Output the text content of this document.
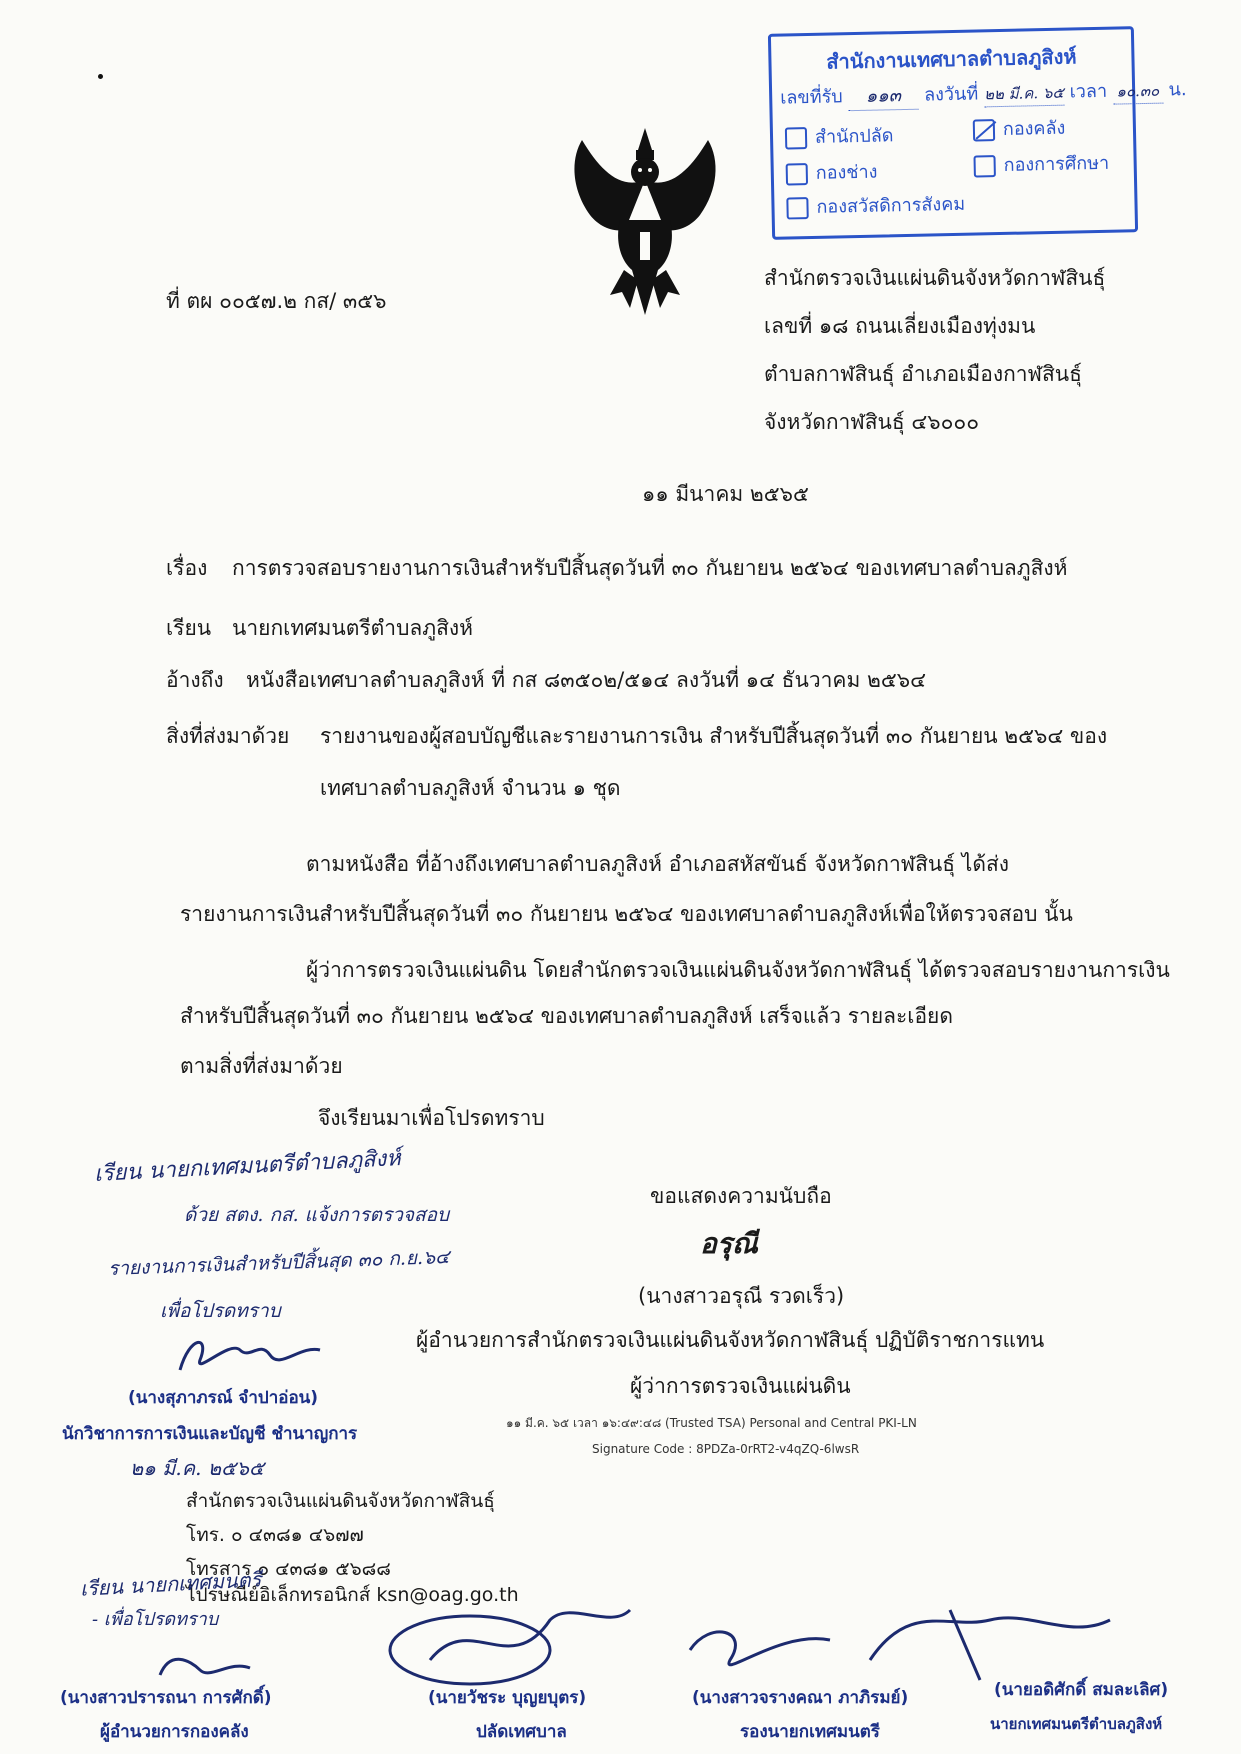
สำนักงานเทศบาลตำบลภูสิงห์
เลขที่รับ ๑๑๓ ลงวันที่ ๒๒ มี.ค. ๖๕ เวลา ๑๐.๓๐ น.
สำนักปลัด	กองคลัง
กองช่าง	กองการศึกษา
กองสวัสดิการสังคม
ที่ ตผ ๐๐๕๗.๒ กส/ ๓๕๖
สำนักตรวจเงินแผ่นดินจังหวัดกาฬสินธุ์
เลขที่ ๑๘ ถนนเลี่ยงเมืองทุ่งมน
ตำบลกาฬสินธุ์ อำเภอเมืองกาฬสินธุ์
จังหวัดกาฬสินธุ์ ๔๖๐๐๐
๑๑ มีนาคม ๒๕๖๕
เรื่อง การตรวจสอบรายงานการเงินสำหรับปีสิ้นสุดวันที่ ๓๐ กันยายน ๒๕๖๔ ของเทศบาลตำบลภูสิงห์
เรียน นายกเทศมนตรีตำบลภูสิงห์
อ้างถึง หนังสือเทศบาลตำบลภูสิงห์ ที่ กส ๘๓๕๐๒/๕๑๔ ลงวันที่ ๑๔ ธันวาคม ๒๕๖๔
สิ่งที่ส่งมาด้วย รายงานของผู้สอบบัญชีและรายงานการเงิน สำหรับปีสิ้นสุดวันที่ ๓๐ กันยายน ๒๕๖๔ ของ
เทศบาลตำบลภูสิงห์ จำนวน ๑ ชุด
ตามหนังสือ ที่อ้างถึงเทศบาลตำบลภูสิงห์ อำเภอสหัสขันธ์ จังหวัดกาฬสินธุ์ ได้ส่ง
รายงานการเงินสำหรับปีสิ้นสุดวันที่ ๓๐ กันยายน ๒๕๖๔ ของเทศบาลตำบลภูสิงห์เพื่อให้ตรวจสอบ นั้น
ผู้ว่าการตรวจเงินแผ่นดิน โดยสำนักตรวจเงินแผ่นดินจังหวัดกาฬสินธุ์ ได้ตรวจสอบรายงานการเงิน
สำหรับปีสิ้นสุดวันที่ ๓๐ กันยายน ๒๕๖๔ ของเทศบาลตำบลภูสิงห์ เสร็จแล้ว รายละเอียด
ตามสิ่งที่ส่งมาด้วย
จึงเรียนมาเพื่อโปรดทราบ
ขอแสดงความนับถือ
อรุณี
(นางสาวอรุณี รวดเร็ว)
ผู้อำนวยการสำนักตรวจเงินแผ่นดินจังหวัดกาฬสินธุ์ ปฏิบัติราชการแทน
ผู้ว่าการตรวจเงินแผ่นดิน
๑๑ มี.ค. ๖๕ เวลา ๑๖:๔๙:๔๘ (Trusted TSA) Personal and Central PKI-LN
Signature Code : 8PDZa-0rRT2-v4qZQ-6lwsR
เรียน นายกเทศมนตรีตำบลภูสิงห์
ด้วย สตง. กส. แจ้งการตรวจสอบ
รายงานการเงินสำหรับปีสิ้นสุด ๓๐ ก.ย.๖๔
เพื่อโปรดทราบ
(นางสุภาภรณ์ จำปาอ่อน)
นักวิชาการการเงินและบัญชี ชำนาญการ
๒๑ มี.ค. ๒๕๖๕
สำนักตรวจเงินแผ่นดินจังหวัดกาฬสินธุ์
โทร. ๐ ๔๓๘๑ ๔๖๗๗
โทรสาร ๐ ๔๓๘๑ ๕๖๘๘
ไปรษณีย์อิเล็กทรอนิกส์ ksn@oag.go.th
เรียน นายกเทศมนตรี
- เพื่อโปรดทราบ
(นางสาวปรารถนา การศักดิ์)
ผู้อำนวยการกองคลัง
(นายวัชระ บุญยบุตร)
ปลัดเทศบาล
(นางสาวจรางคณา ภาภิรมย์)
รองนายกเทศมนตรี
(นายอดิศักดิ์ สมละเลิศ)
นายกเทศมนตรีตำบลภูสิงห์
